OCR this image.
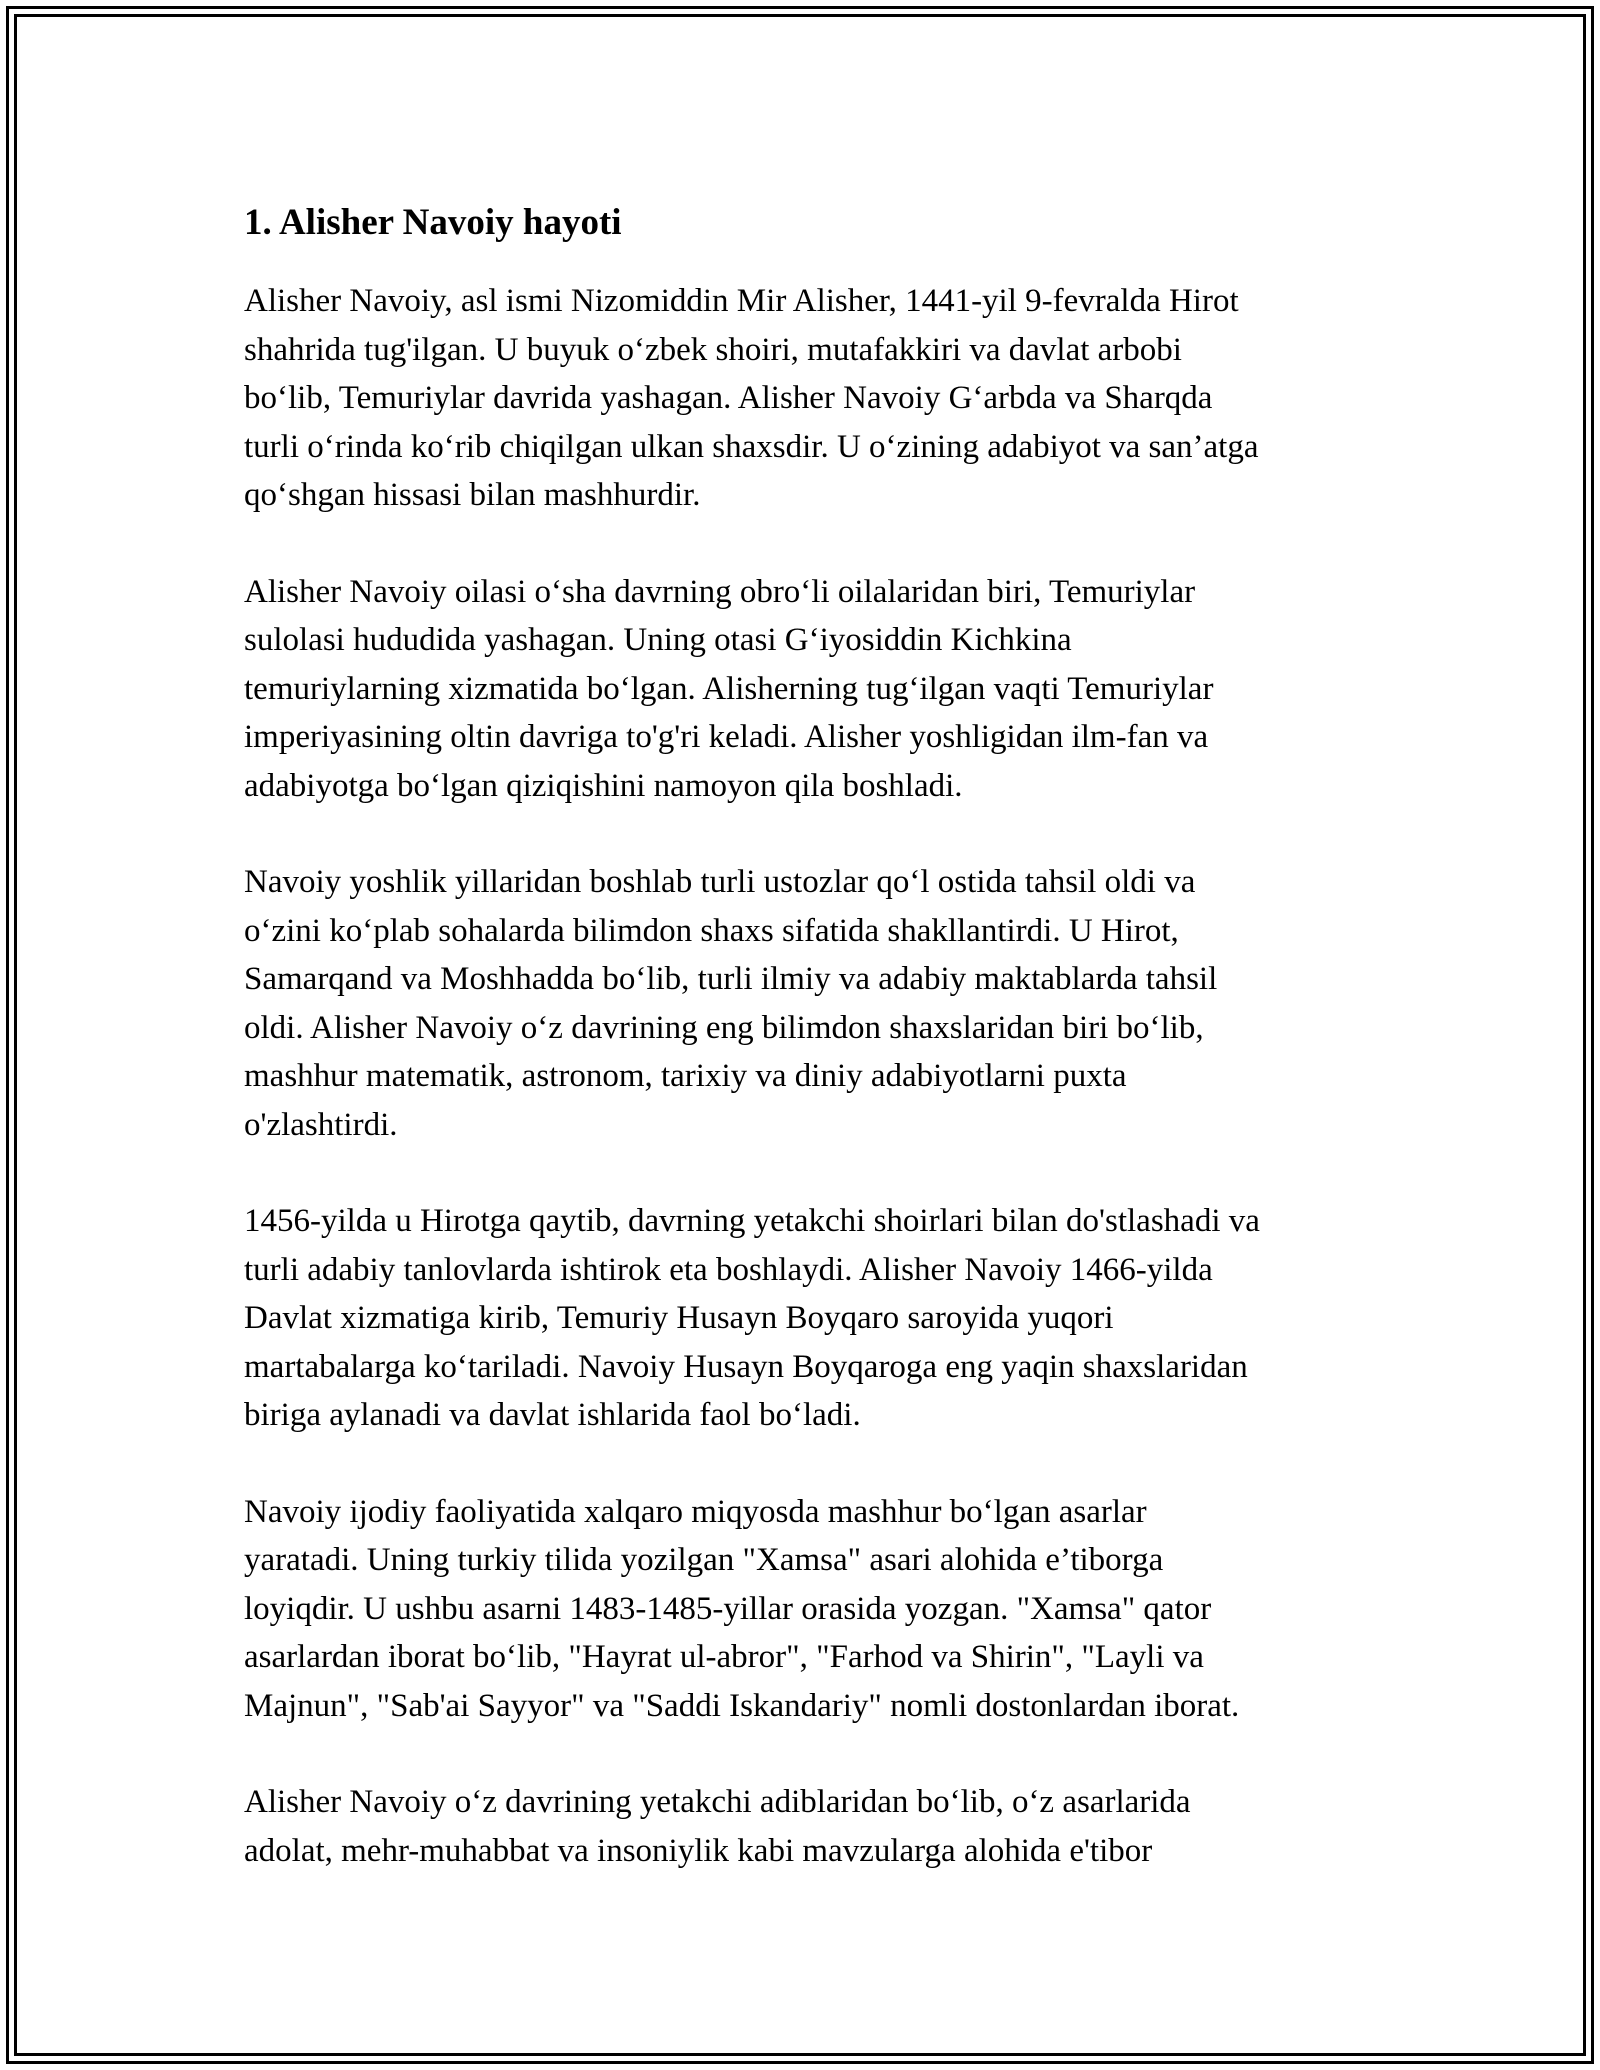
1. Alisher Navoiy hayoti

Alisher Navoiy, asl ismi Nizomiddin Mir Alisher, 1441-yil 9-fevralda Hirot
shahrida tug'ilgan. U buyuk o‘zbek shoiri, mutafakkiri va davlat arbobi
bo‘lib, Temuriylar davrida yashagan. Alisher Navoiy G‘arbda va Sharqda
turli o‘rinda ko‘rib chiqilgan ulkan shaxsdir. U o‘zining adabiyot va san’atga
qo‘shgan hissasi bilan mashhurdir.

Alisher Navoiy oilasi o‘sha davrning obro‘li oilalaridan biri, Temuriylar
sulolasi hududida yashagan. Uning otasi G‘iyosiddin Kichkina
temuriylarning xizmatida bo‘lgan. Alisherning tug‘ilgan vaqti Temuriylar
imperiyasining oltin davriga to'g'ri keladi. Alisher yoshligidan ilm-fan va
adabiyotga bo‘lgan qiziqishini namoyon qila boshladi.

Navoiy yoshlik yillaridan boshlab turli ustozlar qo‘l ostida tahsil oldi va
o‘zini ko‘plab sohalarda bilimdon shaxs sifatida shakllantirdi. U Hirot,
Samarqand va Moshhadda bo‘lib, turli ilmiy va adabiy maktablarda tahsil
oldi. Alisher Navoiy o‘z davrining eng bilimdon shaxslaridan biri bo‘lib,
mashhur matematik, astronom, tarixiy va diniy adabiyotlarni puxta
o'zlashtirdi.

1456-yilda u Hirotga qaytib, davrning yetakchi shoirlari bilan do'stlashadi va
turli adabiy tanlovlarda ishtirok eta boshlaydi. Alisher Navoiy 1466-yilda
Davlat xizmatiga kirib, Temuriy Husayn Boyqaro saroyida yuqori
martabalarga ko‘tariladi. Navoiy Husayn Boyqaroga eng yaqin shaxslaridan
biriga aylanadi va davlat ishlarida faol bo‘ladi.

Navoiy ijodiy faoliyatida xalqaro miqyosda mashhur bo‘lgan asarlar
yaratadi. Uning turkiy tilida yozilgan "Xamsa" asari alohida e’tiborga
loyiqdir. U ushbu asarni 1483-1485-yillar orasida yozgan. "Xamsa" qator
asarlardan iborat bo‘lib, "Hayrat ul-abror", "Farhod va Shirin", "Layli va
Majnun", "Sab'ai Sayyor" va "Saddi Iskandariy" nomli dostonlardan iborat.

Alisher Navoiy o‘z davrining yetakchi adiblaridan bo‘lib, o‘z asarlarida
adolat, mehr-muhabbat va insoniylik kabi mavzularga alohida e'tibor
